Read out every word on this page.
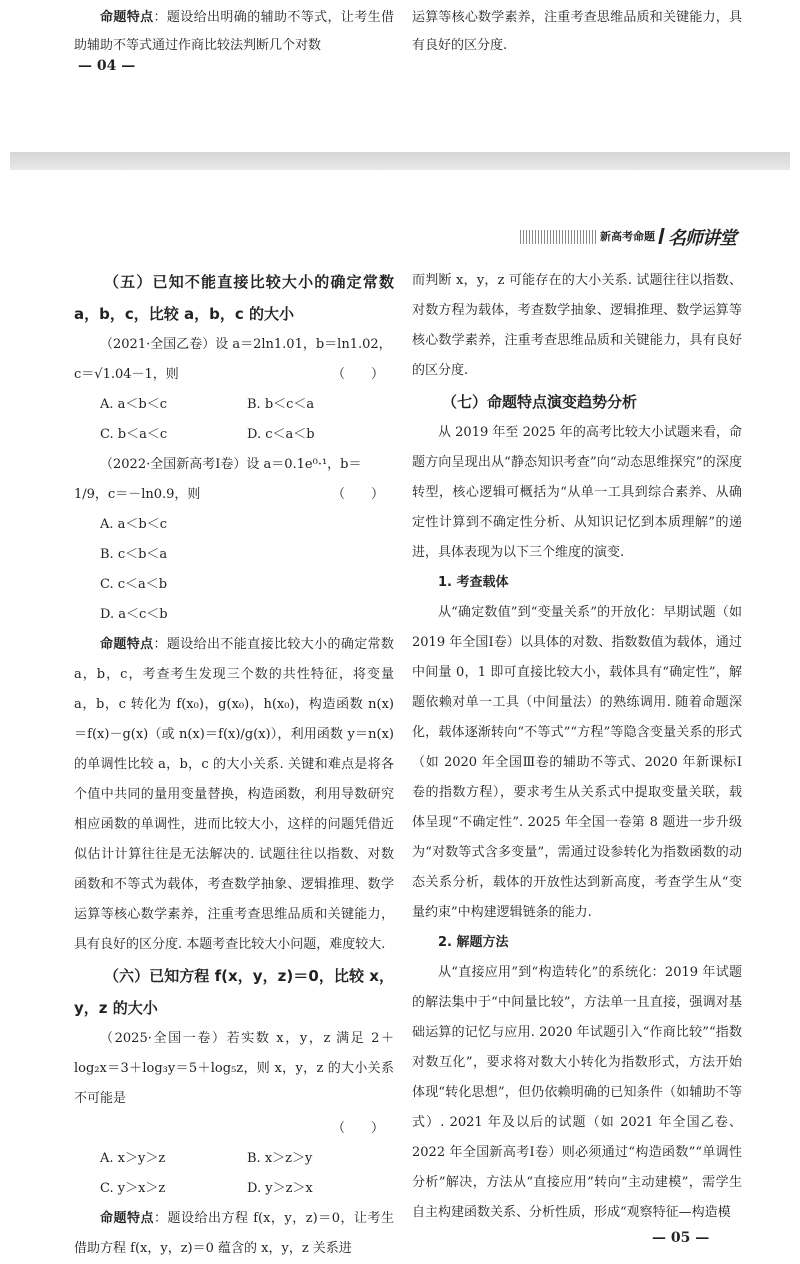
命题特点：题设给出明确的辅助不等式，让考生借助辅助不等式通过作商比较法判断几个对数

— 04 —

运算等核心数学素养，注重考查思维品质和关键能力，具有良好的区分度.

新高考命题 名师讲堂

（五）已知不能直接比较大小的确定常数 a，b，c，比较 a，b，c 的大小

（2021·全国乙卷）设 a＝2ln1.01，b＝ln1.02，

c＝√1.04－1，则	（　　）

A. a＜b＜c	B. b＜c＜a

C. b＜a＜c	D. c＜a＜b

（2022·全国新高考Ⅰ卷）设 a＝0.1e⁰·¹，b＝

1/9，c＝－ln0.9，则	（　　）

A. a＜b＜c

B. c＜b＜a

C. c＜a＜b

D. a＜c＜b

命题特点：题设给出不能直接比较大小的确定常数 a，b，c，考查考生发现三个数的共性特征，将变量 a，b，c 转化为 f(x₀)，g(x₀)，h(x₀)，构造函数 n(x)＝f(x)－g(x)（或 n(x)＝f(x)/g(x)），利用函数 y＝n(x) 的单调性比较 a，b，c 的大小关系. 关键和难点是将各个值中共同的量用变量替换，构造函数，利用导数研究相应函数的单调性，进而比较大小，这样的问题凭借近似估计计算往往是无法解决的. 试题往往以指数、对数函数和不等式为载体，考查数学抽象、逻辑推理、数学运算等核心数学素养，注重考查思维品质和关键能力，具有良好的区分度. 本题考查比较大小问题，难度较大.

（六）已知方程 f(x，y，z)＝0，比较 x，y，z 的大小

（2025·全国一卷）若实数 x，y，z 满足 2＋log₂x＝3＋log₃y＝5＋log₅z，则 x，y，z 的大小关系不可能是

（　　）

A. x＞y＞z	B. x＞z＞y

C. y＞x＞z	D. y＞z＞x

命题特点：题设给出方程 f(x，y，z)＝0，让考生借助方程 f(x，y，z)＝0 蕴含的 x，y，z 关系进

而判断 x，y，z 可能存在的大小关系. 试题往往以指数、对数方程为载体，考查数学抽象、逻辑推理、数学运算等核心数学素养，注重考查思维品质和关键能力，具有良好的区分度.

（七）命题特点演变趋势分析

从 2019 年至 2025 年的高考比较大小试题来看，命题方向呈现出从“静态知识考查”向“动态思维探究”的深度转型，核心逻辑可概括为“从单一工具到综合素养、从确定性计算到不确定性分析、从知识记忆到本质理解”的递进，具体表现为以下三个维度的演变.

1. 考查载体

从“确定数值”到“变量关系”的开放化：早期试题（如 2019 年全国Ⅰ卷）以具体的对数、指数数值为载体，通过中间量 0，1 即可直接比较大小，载体具有“确定性”，解题依赖对单一工具（中间量法）的熟练调用. 随着命题深化，载体逐渐转向“不等式”“方程”等隐含变量关系的形式（如 2020 年全国Ⅲ卷的辅助不等式、2020 年新课标Ⅰ卷的指数方程），要求考生从关系式中提取变量关联，载体呈现“不确定性”. 2025 年全国一卷第 8 题进一步升级为“对数等式含多变量”，需通过设参转化为指数函数的动态关系分析，载体的开放性达到新高度，考查学生从“变量约束”中构建逻辑链条的能力.

2. 解题方法

从“直接应用”到“构造转化”的系统化：2019 年试题的解法集中于“中间量比较”，方法单一且直接，强调对基础运算的记忆与应用. 2020 年试题引入“作商比较”“指数对数互化”，要求将对数大小转化为指数形式，方法开始体现“转化思想”，但仍依赖明确的已知条件（如辅助不等式）. 2021 年及以后的试题（如 2021 年全国乙卷、2022 年全国新高考Ⅰ卷）则必须通过“构造函数”“单调性分析”解决，方法从“直接应用”转向“主动建模”，需学生自主构建函数关系、分析性质，形成“观察特征—构造模

— 05 —
